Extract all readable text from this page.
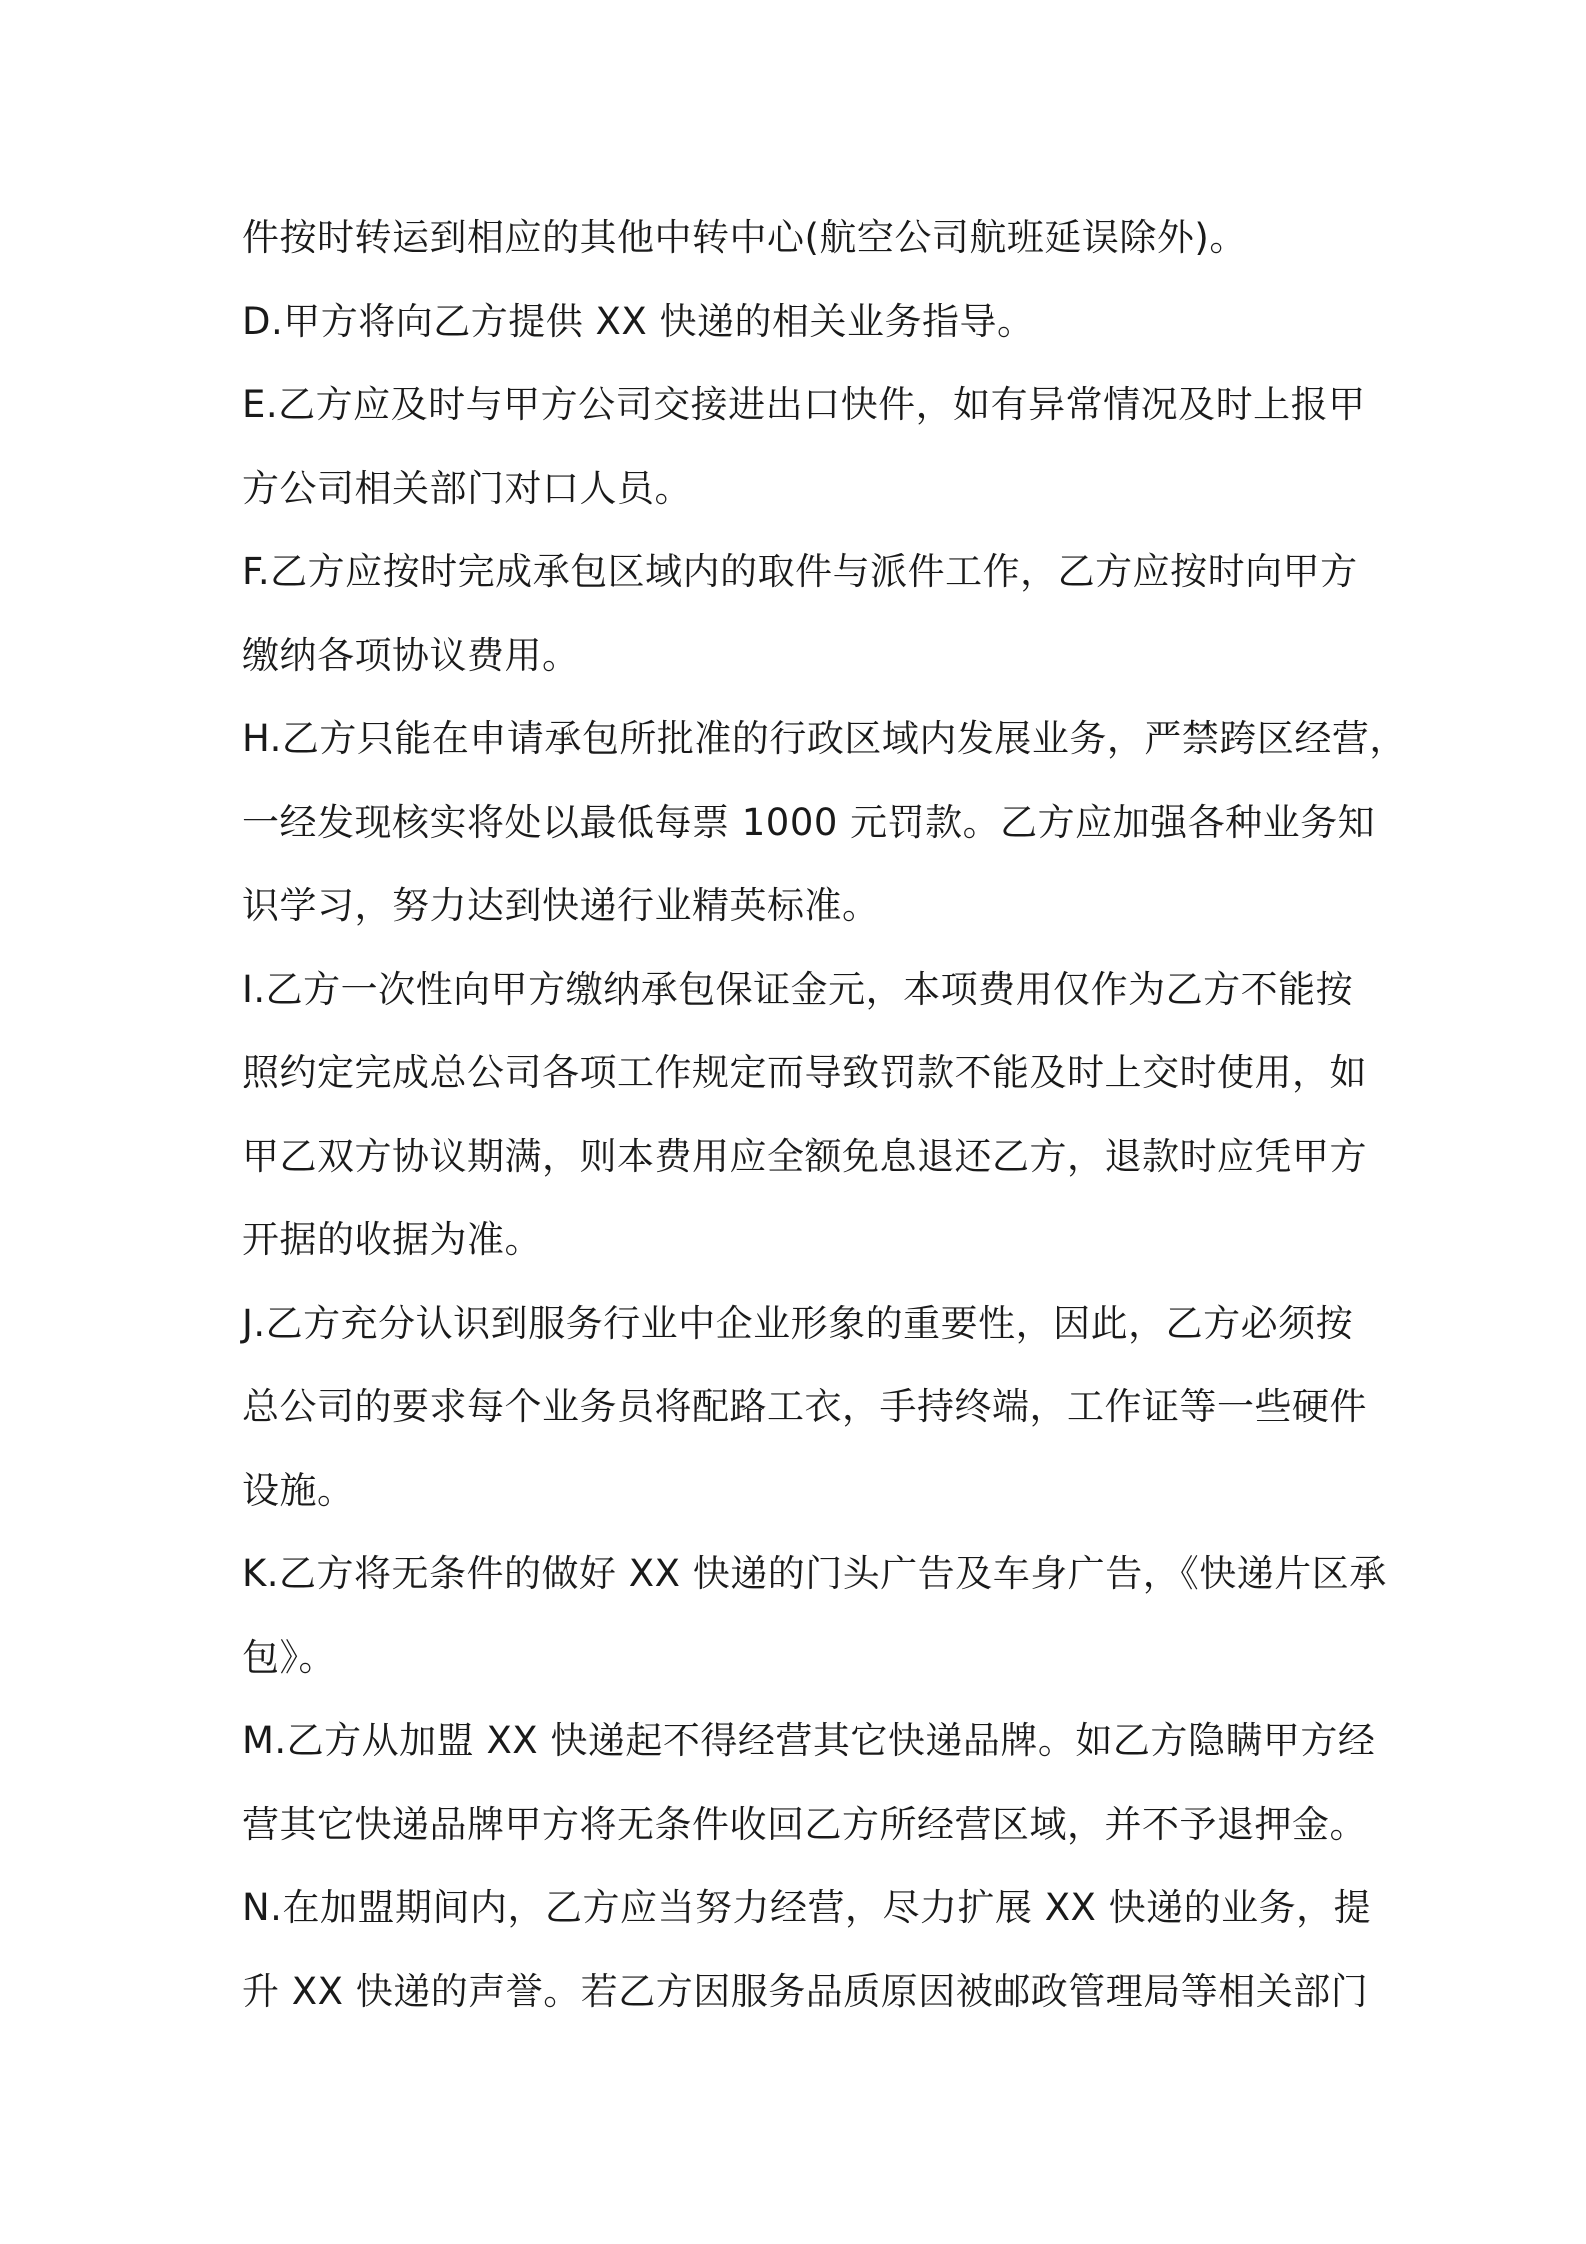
件按时转运到相应的其他中转中心(航空公司航班延误除外)。
D.甲方将向乙方提供 XX 快递的相关业务指导。
E.乙方应及时与甲方公司交接进出口快件，如有异常情况及时上报甲
方公司相关部门对口人员。
F.乙方应按时完成承包区域内的取件与派件工作，乙方应按时向甲方
缴纳各项协议费用。
H.乙方只能在申请承包所批准的行政区域内发展业务，严禁跨区经营，
一经发现核实将处以最低每票 1000 元罚款。乙方应加强各种业务知
识学习，努力达到快递行业精英标准。
I.乙方一次性向甲方缴纳承包保证金元，本项费用仅作为乙方不能按
照约定完成总公司各项工作规定而导致罚款不能及时上交时使用，如
甲乙双方协议期满，则本费用应全额免息退还乙方，退款时应凭甲方
开据的收据为准。
J.乙方充分认识到服务行业中企业形象的重要性，因此，乙方必须按
总公司的要求每个业务员将配路工衣，手持终端，工作证等一些硬件
设施。
K.乙方将无条件的做好 XX 快递的门头广告及车身广告，《快递片区承
包》。
M.乙方从加盟 XX 快递起不得经营其它快递品牌。如乙方隐瞒甲方经
营其它快递品牌甲方将无条件收回乙方所经营区域，并不予退押金。
N.在加盟期间内，乙方应当努力经营，尽力扩展 XX 快递的业务，提
升 XX 快递的声誉。若乙方因服务品质原因被邮政管理局等相关部门
